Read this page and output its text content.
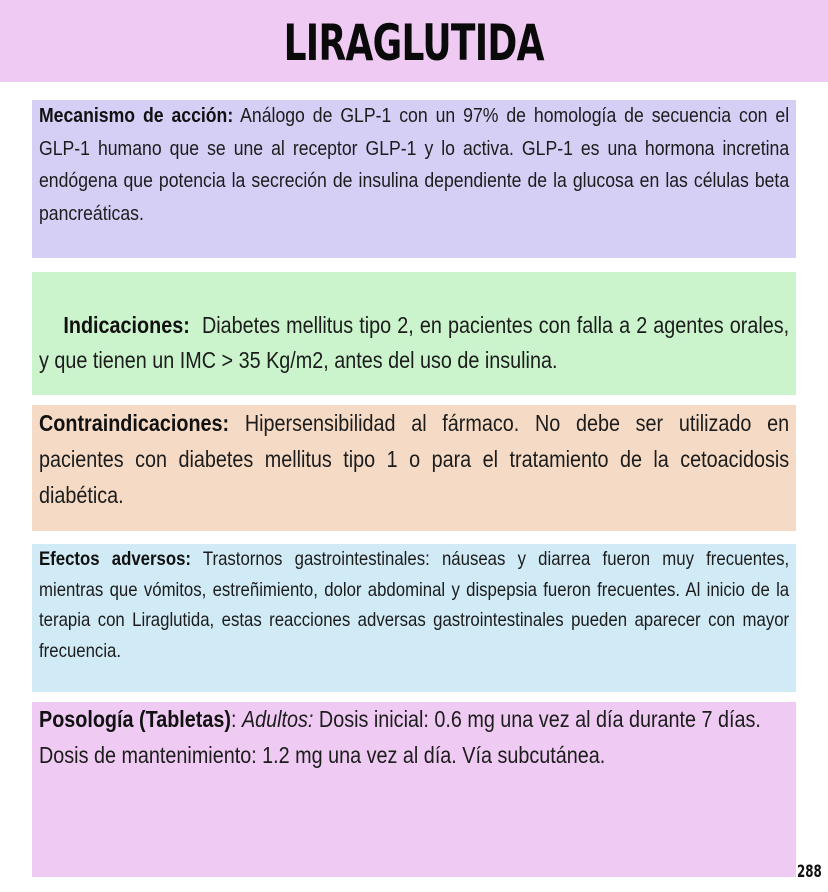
LIRAGLUTIDA
Mecanismo de acción: Análogo de GLP-1 con un 97% de homología de secuencia con el GLP-1 humano que se une al receptor GLP-1 y lo activa. GLP-1 es una hormona incretina endógena que potencia la secreción de insulina dependiente de la glucosa en las células beta pancreáticas.

Indicaciones:  Diabetes mellitus tipo 2, en pacientes con falla a 2 agentes orales, y que tienen un IMC > 35 Kg/m2, antes del uso de insulina.

Contraindicaciones: Hipersensibilidad al fármaco. No debe ser utilizado en pacientes con diabetes mellitus tipo 1 o para el tratamiento de la cetoacidosis diabética.
Efectos adversos: Trastornos gastrointestinales: náuseas y diarrea fueron muy frecuentes, mientras que vómitos, estreñimiento, dolor abdominal y dispepsia fueron frecuentes. Al inicio de la terapia con Liraglutida, estas reacciones adversas gastrointestinales pueden aparecer con mayor frecuencia.
Posología (Tabletas): Adultos: Dosis inicial: 0.6 mg una vez al día durante 7 días.
Dosis de mantenimiento: 1.2 mg una vez al día. Vía subcutánea.
288
